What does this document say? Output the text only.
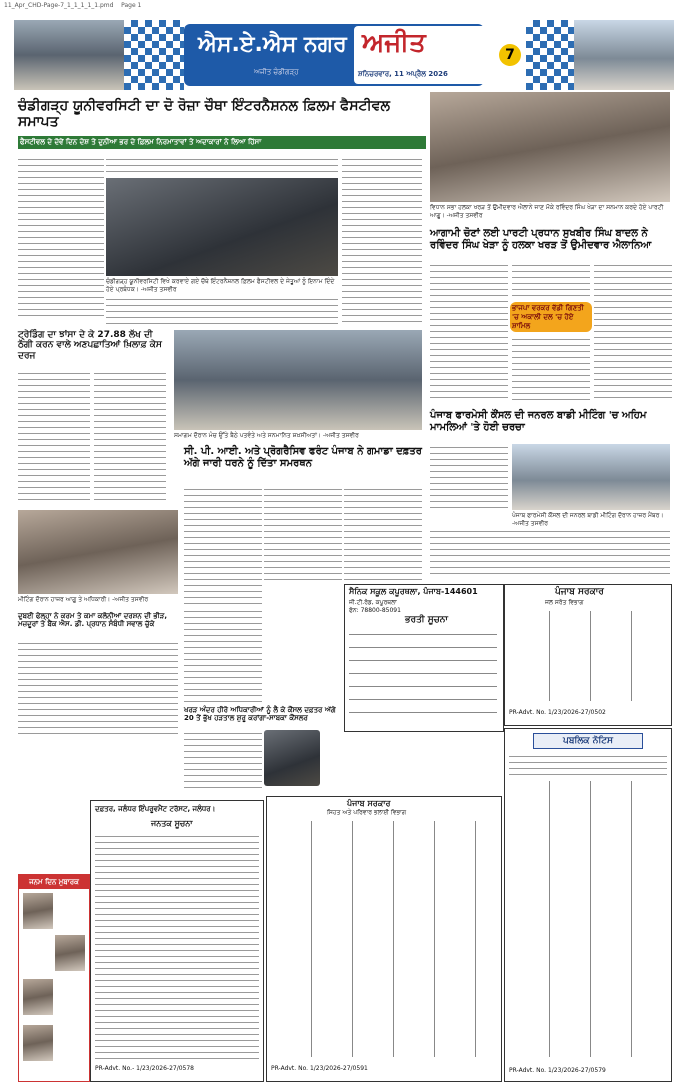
11_Apr_CHD-Page-7_1_1_1_1_1.pmd Page 1
ਐਸ.ਏ.ਐਸ ਨਗਰ
ਅਜੀਤ ਚੰਡੀਗੜ੍ਹ
ਅਜੀਤ
ਸ਼ਨਿਚਰਵਾਰ, 11 ਅਪ੍ਰੈਲ 2026
7
ਚੰਡੀਗੜ੍ਹ ਯੂਨੀਵਰਸਿਟੀ ਦਾ ਦੋ ਰੋਜ਼ਾ ਚੌਥਾ ਇੰਟਰਨੈਸ਼ਨਲ ਫ਼ਿਲਮ ਫੈਸਟੀਵਲ ਸਮਾਪਤ
ਫੈਸਟੀਵਲ ਦੇ ਦੋਵੇਂ ਦਿਨ ਦੇਸ਼ ਤੇ ਦੁਨੀਆ ਭਰ ਦੇ ਫ਼ਿਲਮ ਨਿਰਮਾਤਾਵਾਂ ਤੇ ਅਦਾਕਾਰਾਂ ਨੇ ਲਿਆ ਹਿੱਸਾ
ਚੰਡੀਗੜ੍ਹ ਯੂਨੀਵਰਸਿਟੀ ਵਿਖੇ ਕਰਵਾਏ ਗਏ ਚੌਥੇ ਇੰਟਰਨੈਸ਼ਨਲ ਫ਼ਿਲਮ ਫੈਸਟੀਵਲ ਦੇ ਜੇਤੂਆਂ ਨੂੰ ਇਨਾਮ ਦਿੰਦੇ ਹੋਏ ਪ੍ਰਬੰਧਕ। -ਅਜੀਤ ਤਸਵੀਰ
ਵਿਧਾਨ ਸਭਾ ਹਲਕਾ ਖਰੜ ਤੋਂ ਉਮੀਦਵਾਰ ਐਲਾਨੇ ਜਾਣ ਮੌਕੇ ਰਵਿੰਦਰ ਸਿੰਘ ਖੇੜਾ ਦਾ ਸਨਮਾਨ ਕਰਦੇ ਹੋਏ ਪਾਰਟੀ ਆਗੂ। -ਅਜੀਤ ਤਸਵੀਰ
ਆਗਾਮੀ ਚੋਣਾਂ ਲਈ ਪਾਰਟੀ ਪ੍ਰਧਾਨ ਸੁਖਬੀਰ ਸਿੰਘ ਬਾਦਲ ਨੇ ਰਵਿੰਦਰ ਸਿੰਘ ਖੇੜਾ ਨੂੰ ਹਲਕਾ ਖਰੜ ਤੋਂ ਉਮੀਦਵਾਰ ਐਲਾਨਿਆ
ਭਾਜਪਾ ਵਰਕਰ ਵੱਡੀ ਗਿਣਤੀ 'ਚ ਅਕਾਲੀ ਦਲ 'ਚ ਹੋਏ ਸ਼ਾਮਿਲ
ਟ੍ਰੇਡਿੰਗ ਦਾ ਝਾਂਸਾ ਦੇ ਕੇ 27.88 ਲੱਖ ਦੀ ਠੱਗੀ ਕਰਨ ਵਾਲੇ ਅਣਪਛਾਤਿਆਂ ਖ਼ਿਲਾਫ਼ ਕੇਸ ਦਰਜ
ਸਮਾਗਮ ਦੌਰਾਨ ਮੰਚ ਉੱਤੇ ਬੈਠੇ ਪਤਵੰਤੇ ਅਤੇ ਸਨਮਾਨਿਤ ਸ਼ਖ਼ਸੀਅਤਾਂ। -ਅਜੀਤ ਤਸਵੀਰ
ਪੰਜਾਬ ਫਾਰਮੇਸੀ ਕੌਂਸਲ ਦੀ ਜਨਰਲ ਬਾਡੀ ਮੀਟਿੰਗ 'ਚ ਅਹਿਮ ਮਾਮਲਿਆਂ 'ਤੇ ਹੋਈ ਚਰਚਾ
ਪੰਜਾਬ ਫਾਰਮੇਸੀ ਕੌਂਸਲ ਦੀ ਜਨਰਲ ਬਾਡੀ ਮੀਟਿੰਗ ਦੌਰਾਨ ਹਾਜ਼ਰ ਮੈਂਬਰ। -ਅਜੀਤ ਤਸਵੀਰ
ਸੀ. ਪੀ. ਆਈ. ਅਤੇ ਪ੍ਰੋਗਰੈਸਿਵ ਫਰੰਟ ਪੰਜਾਬ ਨੇ ਗਮਾਡਾ ਦਫ਼ਤਰ ਅੱਗੇ ਜਾਰੀ ਧਰਨੇ ਨੂੰ ਦਿੱਤਾ ਸਮਰਥਨ
ਮੀਟਿੰਗ ਦੌਰਾਨ ਹਾਜ਼ਰ ਆਗੂ ਤੇ ਅਧਿਕਾਰੀ। -ਅਜੀਤ ਤਸਵੀਰ
ਦੁਬਈ ਫੇਲ੍ਹਾ ਨੇ ਕਰਮ ਤੇ ਕਮਾ ਕਲੋਨੀਆਂ ਦਰਸ਼ਨ ਦੀ ਭੀੜ, ਮਜ਼ਦੂਰਾਂ ਤੇ ਬੈਂਕ ਐਸ. ਡੀ. ਪ੍ਰਧਾਨ ਸੰਬੰਧੀ ਸਵਾਲ ਚੁੱਕੇ
ਸੈਨਿਕ ਸਕੂਲ ਕਪੂਰਥਲਾ, ਪੰਜਾਬ-144601
ਜੀ.ਟੀ.ਰੋਡ, ਕਪੂਰਥਲਾ
ਫੋਨ: 78800-85091
ਭਰਤੀ ਸੂਚਨਾ
ਖਰੜ ਅੰਦਰ ਹੀਰੋ ਅਧਿਕਾਰੀਆਂ ਨੂੰ ਲੈ ਕੇ ਕੌਂਸਲ ਦਫ਼ਤਰ ਅੱਗੇ 20 ਤੋਂ ਭੁੱਖ ਹੜਤਾਲ ਸ਼ੁਰੂ ਕਰਾਂਗਾ-ਸਾਬਕਾ ਕੌਂਸਲਰ
ਪੰਜਾਬ ਸਰਕਾਰ
ਜਲ ਸਰੋਤ ਵਿਭਾਗ
PR-Advt. No. 1/23/2026-27/0502
ਪਬਲਿਕ ਨੋਟਿਸ
PR-Advt. No. 1/23/2026-27/0579
ਦਫ਼ਤਰ, ਜਲੰਧਰ ਇੰਪਰੂਵਮੈਂਟ ਟਰੱਸਟ, ਜਲੰਧਰ।
ਜਨਤਕ ਸੂਚਨਾ
PR-Advt. No.- 1/23/2026-27/0578
ਪੰਜਾਬ ਸਰਕਾਰ
ਸਿਹਤ ਅਤੇ ਪਰਿਵਾਰ ਭਲਾਈ ਵਿਭਾਗ
PR-Advt. No. 1/23/2026-27/0591
ਜਨਮ ਦਿਨ ਮੁਬਾਰਕ
